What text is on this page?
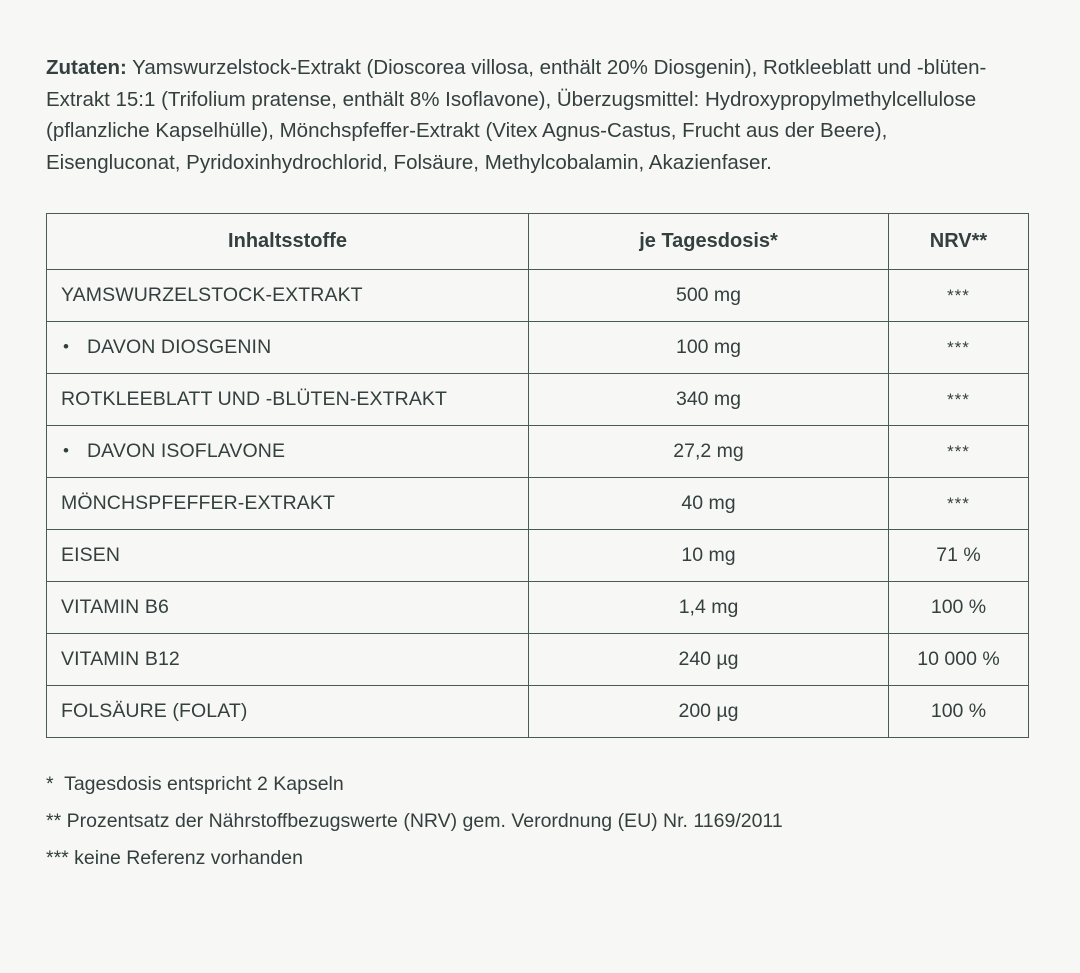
Zutaten: Yamswurzelstock-Extrakt (Dioscorea villosa, enthält 20% Diosgenin), Rotkleeblatt und -blüten-Extrakt 15:1 (Trifolium pratense, enthält 8% Isoflavone), Überzugsmittel: Hydroxypropylmethylcellulose (pflanzliche Kapselhülle), Mönchspfeffer-Extrakt (Vitex Agnus-Castus, Frucht aus der Beere), Eisengluconat, Pyridoxinhydrochlorid, Folsäure, Methylcobalamin, Akazienfaser.

Inhaltsstoffe	je Tagesdosis*	NRV**
YAMSWURZELSTOCK-EXTRAKT	500 mg	***
• DAVON DIOSGENIN	100 mg	***
ROTKLEEBLATT UND -BLÜTEN-EXTRAKT	340 mg	***
• DAVON ISOFLAVONE	27,2 mg	***
MÖNCHSPFEFFER-EXTRAKT	40 mg	***
EISEN	10 mg	71 %
VITAMIN B6	1,4 mg	100 %
VITAMIN B12	240 µg	10 000 %
FOLSÄURE (FOLAT)	200 µg	100 %
*  Tagesdosis entspricht 2 Kapseln
** Prozentsatz der Nährstoffbezugswerte (NRV) gem. Verordnung (EU) Nr. 1169/2011
*** keine Referenz vorhanden
